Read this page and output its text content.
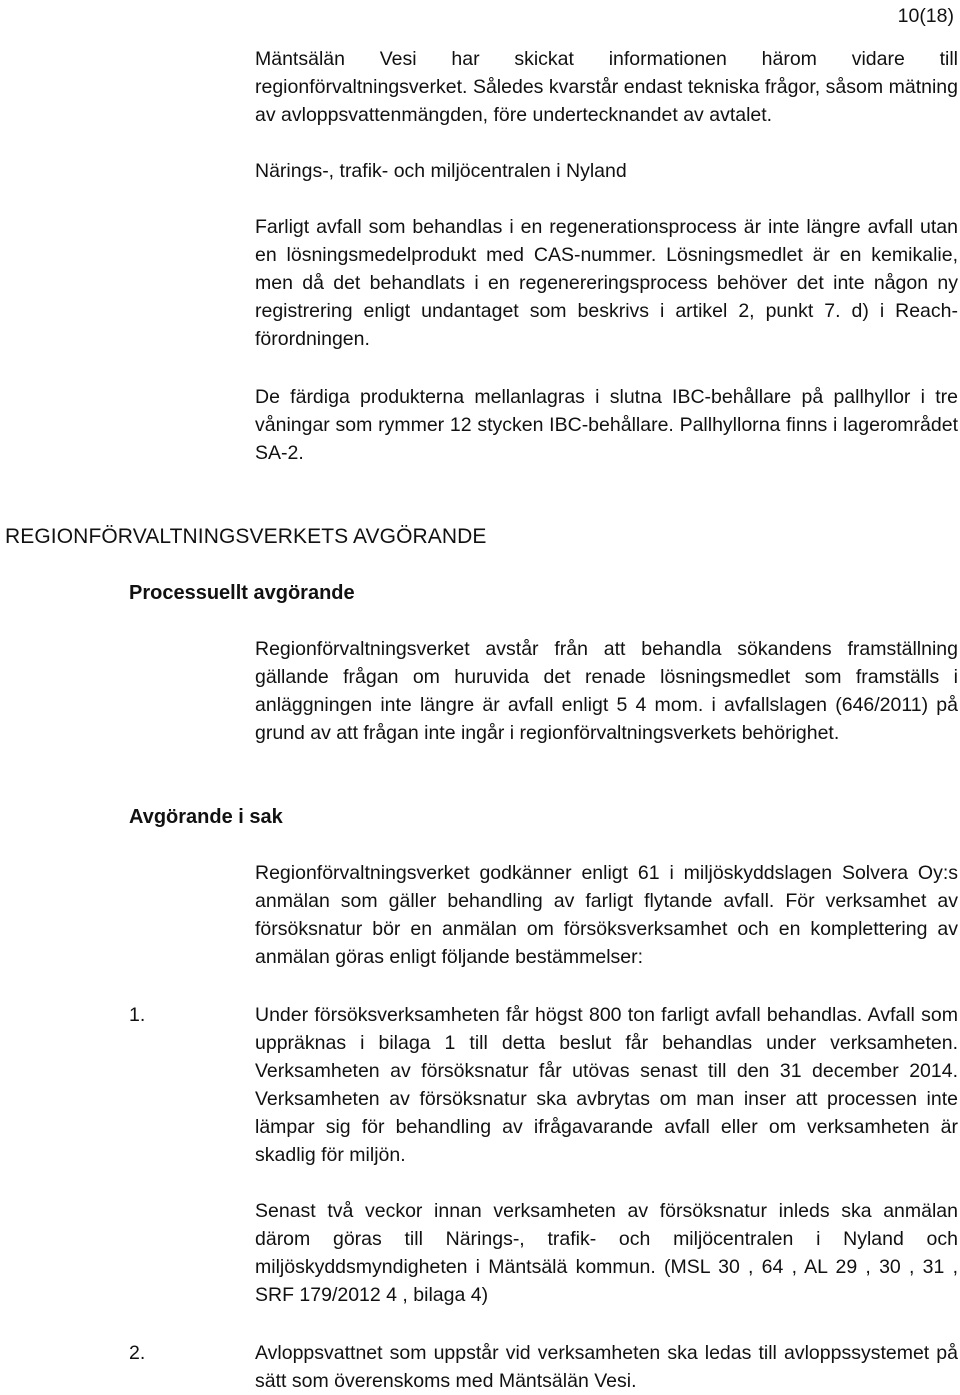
10(18)

Mäntsälän Vesi har skickat informationen härom vidare till regionförvaltningsverket. Således kvarstår endast tekniska frågor, såsom mätning av avloppsvattenmängden, före undertecknandet av avtalet.

Närings-, trafik- och miljöcentralen i Nyland

Farligt avfall som behandlas i en regenerationsprocess är inte längre avfall utan en lösningsmedelprodukt med CAS-nummer. Lösningsmedlet är en kemikalie, men då det behandlats i en regenereringsprocess behöver det inte någon ny registrering enligt undantaget som beskrivs i artikel 2, punkt 7. d) i Reach-förordningen.

De färdiga produkterna mellanlagras i slutna IBC-behållare på pallhyllor i tre våningar som rymmer 12 stycken IBC-behållare. Pallhyllorna finns i lagerområdet SA-2.

REGIONFÖRVALTNINGSVERKETS AVGÖRANDE
Processuellt avgörande

Regionförvaltningsverket avstår från att behandla sökandens framställning gällande frågan om huruvida det renade lösningsmedlet som framställs i anläggningen inte längre är avfall enligt 5 4 mom. i avfallslagen (646/2011) på grund av att frågan inte ingår i regionförvaltningsverkets behörighet.

Avgörande i sak

Regionförvaltningsverket godkänner enligt 61 i miljöskyddslagen Solvera Oy:s anmälan som gäller behandling av farligt flytande avfall. För verksamhet av försöksnatur bör en anmälan om försöksverksamhet och en komplettering av anmälan göras enligt följande bestämmelser:

1.	Under försöksverksamheten får högst 800 ton farligt avfall behandlas. Avfall som uppräknas i bilaga 1 till detta beslut får behandlas under verksamheten. Verksamheten av försöksnatur får utövas senast till den 31 december 2014. Verksamheten av försöksnatur ska avbrytas om man inser att processen inte lämpar sig för behandling av ifrågavarande avfall eller om verksamheten är skadlig för miljön.

Senast två veckor innan verksamheten av försöksnatur inleds ska anmälan därom göras till Närings-, trafik- och miljöcentralen i Nyland och miljöskyddsmyndigheten i Mäntsälä kommun. (MSL 30 , 64 , AL 29 , 30 , 31 , SRF 179/2012 4 , bilaga 4)

2.	Avloppsvattnet som uppstår vid verksamheten ska ledas till avloppssystemet på sätt som överenskoms med Mäntsälän Vesi.
